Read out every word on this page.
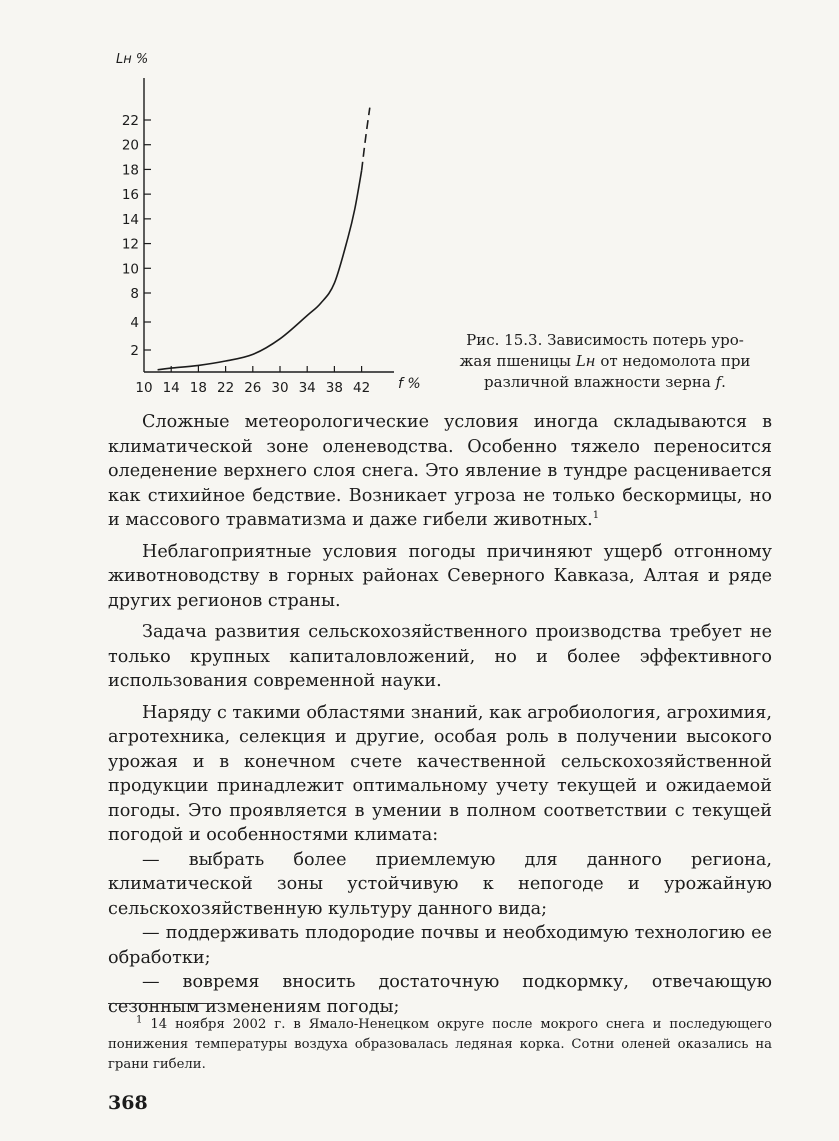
2
4
8
10
12
14
16
18
20
22
10 14 18 22 26 30 34 38 42
Lн %
f %

Рис. 15.3. Зависимость потерь уро-

жая пшеницы Lн от недомолота при

различной влажности зерна f.

Сложные метеорологические условия иногда складываются в климатической зоне оленеводства. Особенно тяжело переносится оледенение верхнего слоя снега. Это явление в тундре расценивается как стихийное бедствие. Возникает угроза не только бескормицы, но и массового травматизма и даже гибели животных.$^1$

Неблагоприятные условия погоды причиняют ущерб отгонному животноводству в горных районах Северного Кавказа, Алтая и ряде других регионов страны.

Задача развития сельскохозяйственного производства требует не только крупных капиталовложений, но и более эффективного использования современной науки.

Наряду с такими областями знаний, как агробиология, агрохимия, агротехника, селекция и другие, особая роль в получении высокого урожая и в конечном счете качественной сельскохозяйственной продукции принадлежит оптимальному учету текущей и ожидаемой погоды. Это проявляется в умении в полном соответствии с текущей погодой и особенностями климата:

— выбрать более приемлемую для данного региона, климатической зоны устойчивую к непогоде и урожайную сельскохозяйственную культуру данного вида;

— поддерживать плодородие почвы и необходимую технологию ее обработки;

— вовремя вносить достаточную подкормку, отвечающую сезонным изменениям погоды;

$^1$ 14 ноября 2002 г. в Ямало-Ненецком округе после мокрого снега и последующего понижения температуры воздуха образовалась ледяная корка. Сотни оленей оказались на грани гибели.

368
